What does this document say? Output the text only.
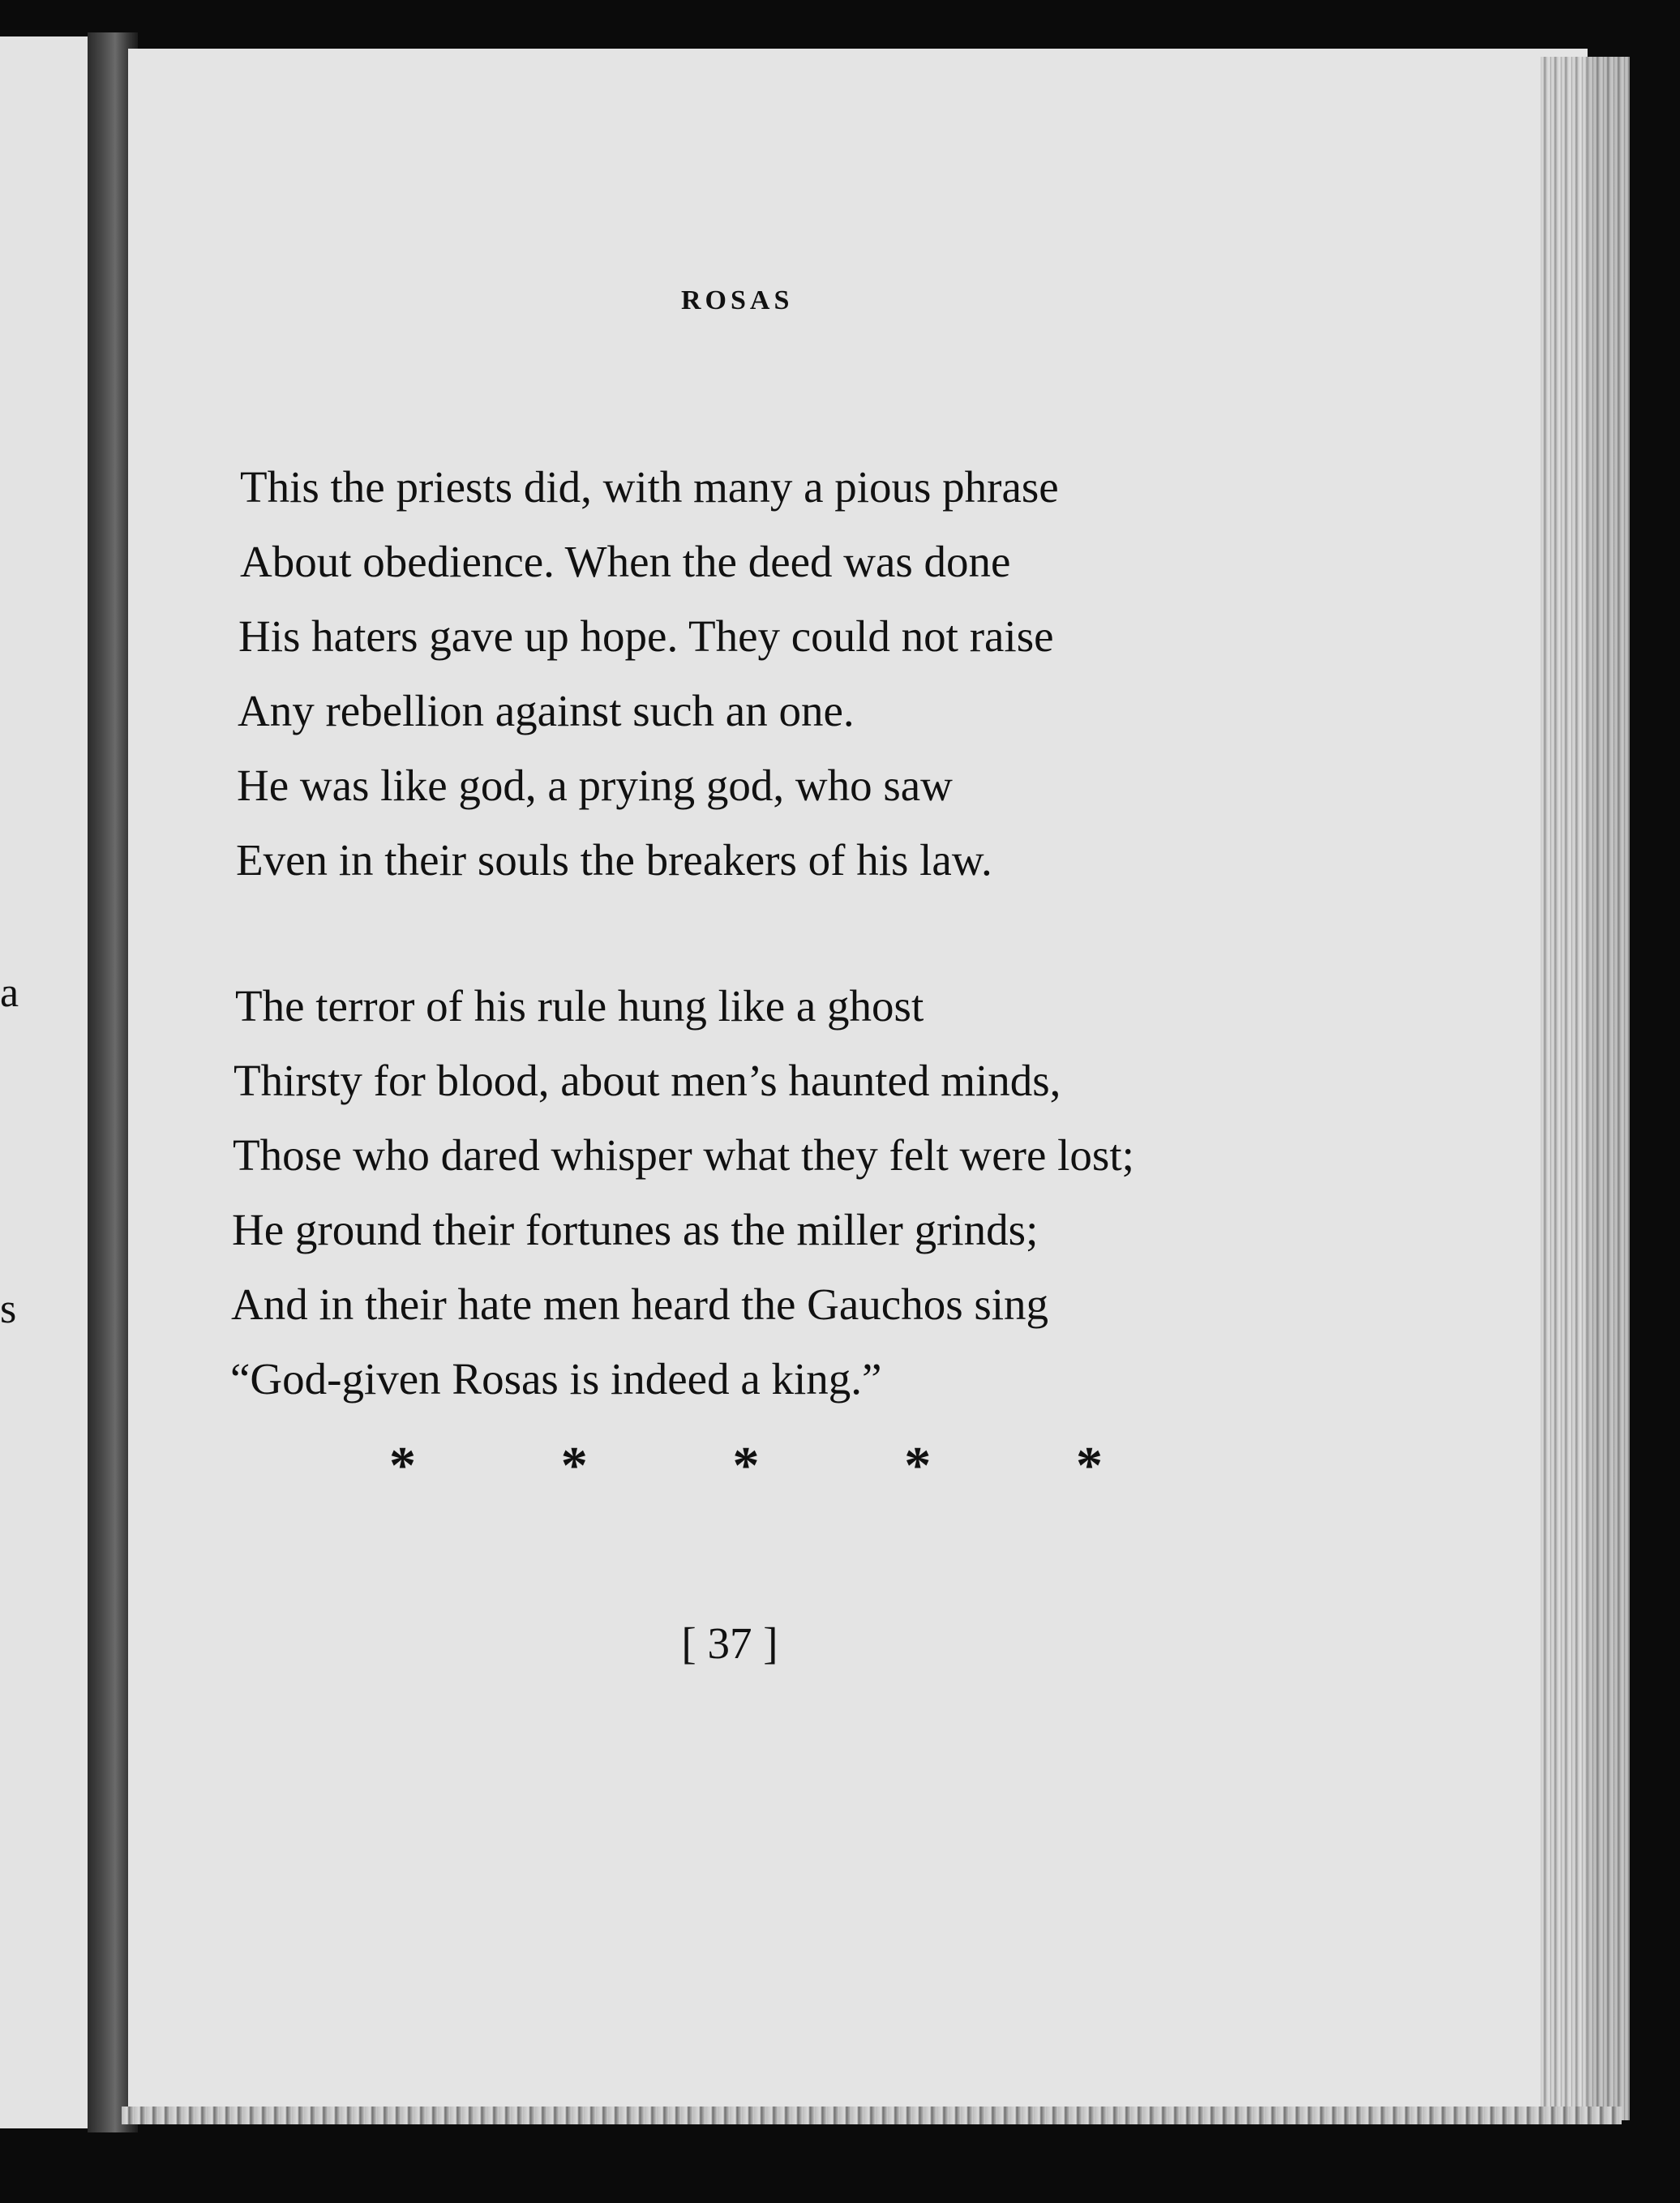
a
s
ROSAS
This the priests did, with many a pious phrase
About obedience. When the deed was done
His haters gave up hope. They could not raise
Any rebellion against such an one.
He was like god, a prying god, who saw
Even in their souls the breakers of his law.
The terror of his rule hung like a ghost
Thirsty for blood, about men’s haunted minds,
Those who dared whisper what they felt were lost;
He ground their fortunes as the miller grinds;
And in their hate men heard the Gauchos sing
“God-given Rosas is indeed a king.”
*	*	*	*	*
[ 37 ]
